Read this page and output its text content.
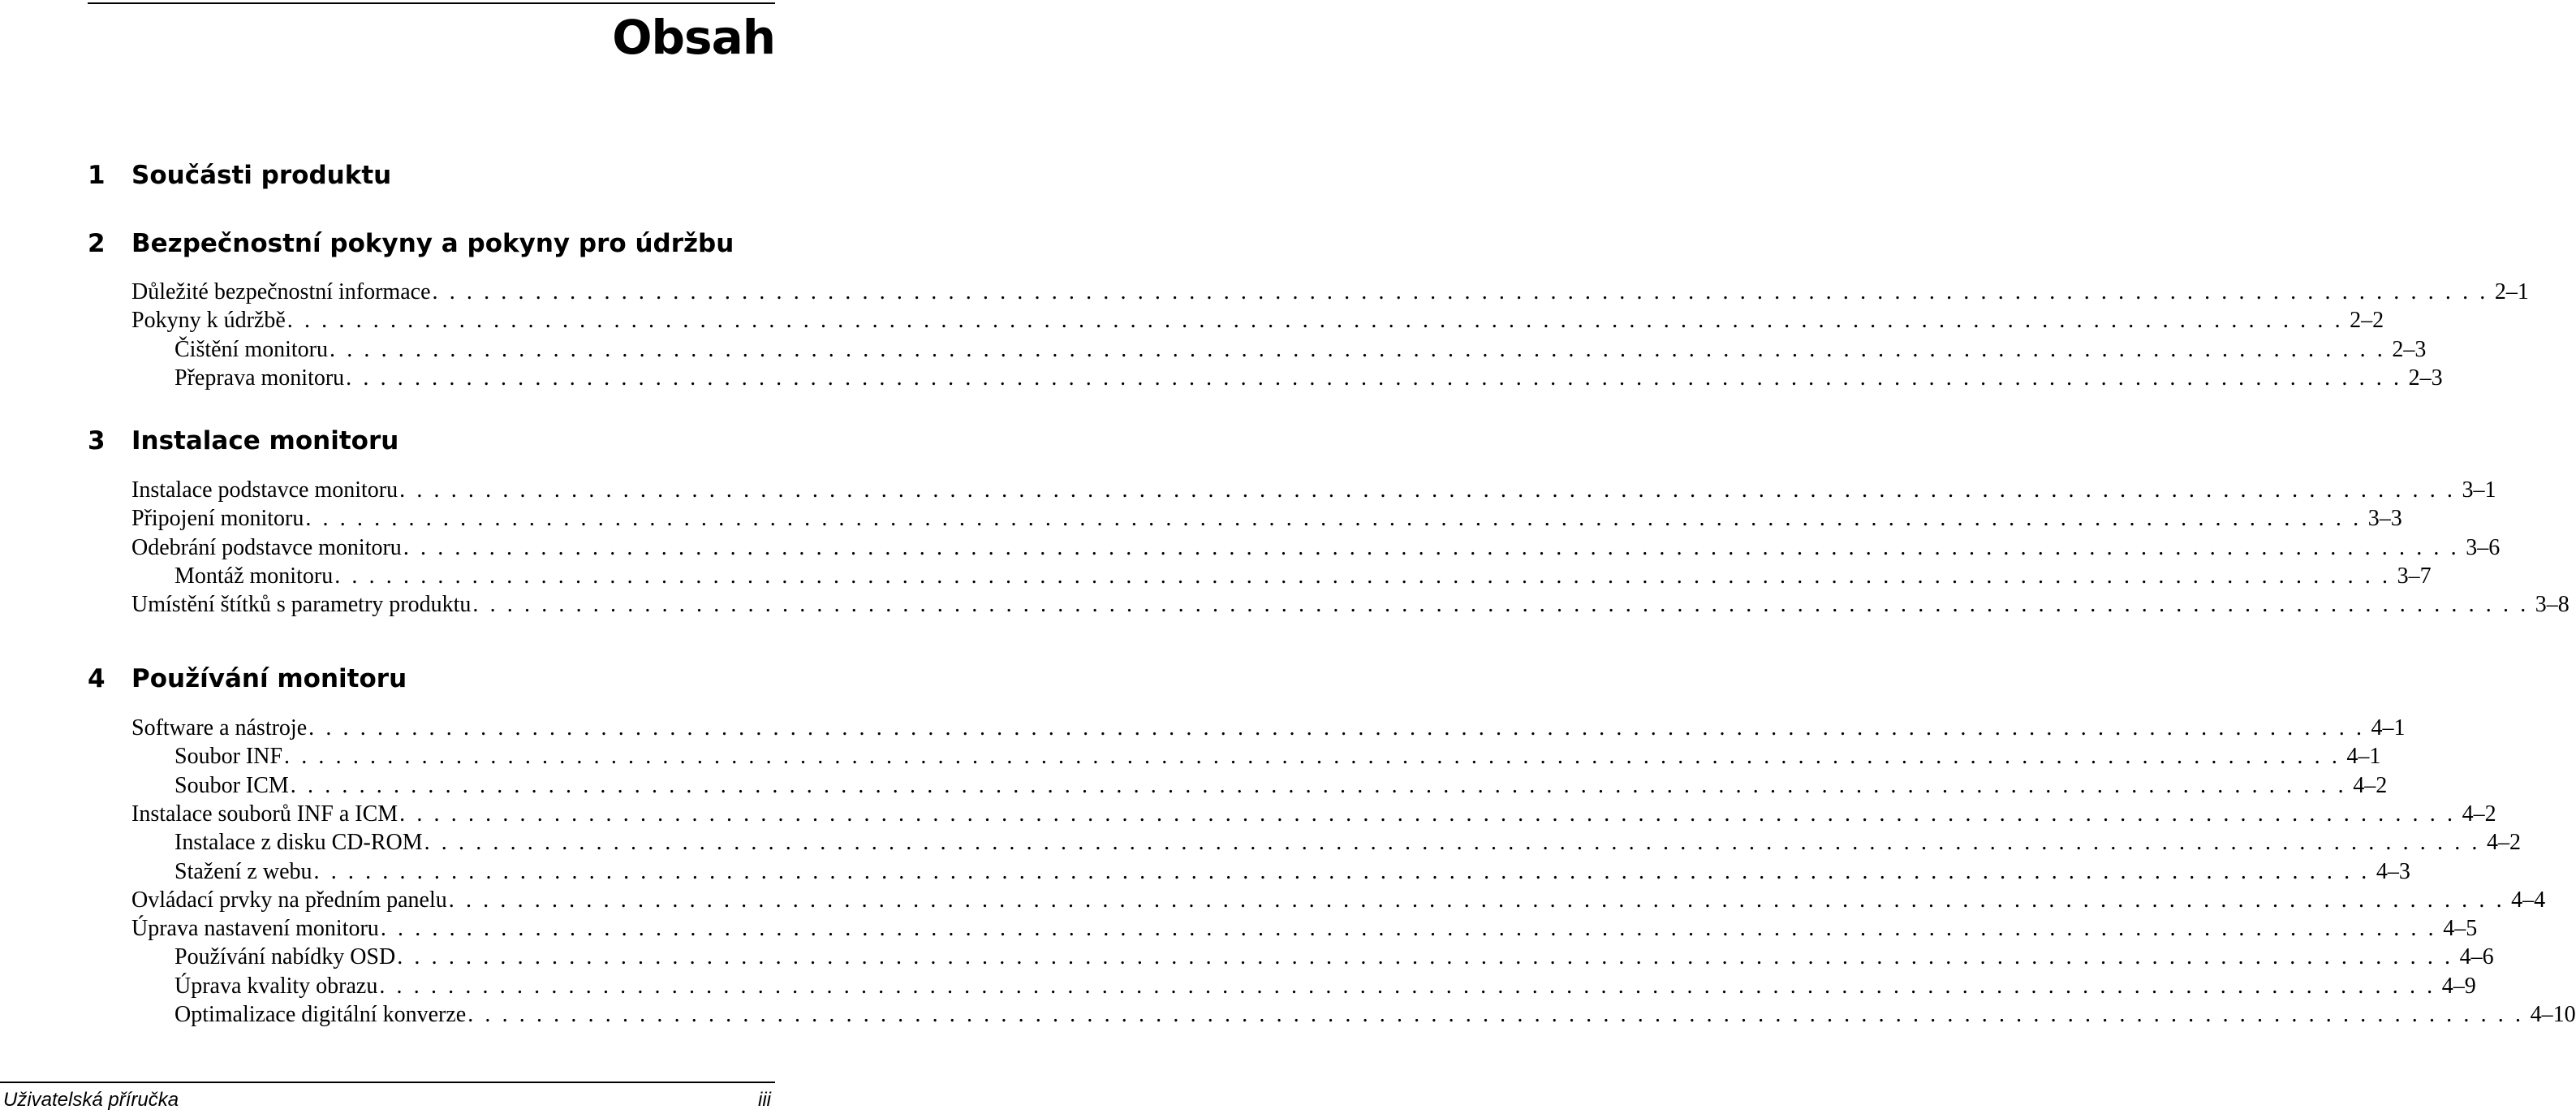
Obsah
1 Součásti produktu
2 Bezpečnostní pokyny a pokyny pro údržbu
Důležité bezpečnostní informace . . . . . . . . . . . . . . . . . . . . . . . . . . . . . . . . . . . . . . . . . . . . . . . . . . . . . . . . . . . . . . . . . . . . . . . . . . . . . . . . . . . . . . . . . . . . . . . . . . . . . . . . . . . . . . . . . . . . . . . . 2–1
Pokyny k údržbě . . . . . . . . . . . . . . . . . . . . . . . . . . . . . . . . . . . . . . . . . . . . . . . . . . . . . . . . . . . . . . . . . . . . . . . . . . . . . . . . . . . . . . . . . . . . . . . . . . . . . . . . . . . . . . . . . . . . . . . . 2–2
Čištění monitoru . . . . . . . . . . . . . . . . . . . . . . . . . . . . . . . . . . . . . . . . . . . . . . . . . . . . . . . . . . . . . . . . . . . . . . . . . . . . . . . . . . . . . . . . . . . . . . . . . . . . . . . . . . . . . . . . . . . . . . . . 2–3
Přeprava monitoru . . . . . . . . . . . . . . . . . . . . . . . . . . . . . . . . . . . . . . . . . . . . . . . . . . . . . . . . . . . . . . . . . . . . . . . . . . . . . . . . . . . . . . . . . . . . . . . . . . . . . . . . . . . . . . . . . . . . . . . . 2–3
3 Instalace monitoru
Instalace podstavce monitoru . . . . . . . . . . . . . . . . . . . . . . . . . . . . . . . . . . . . . . . . . . . . . . . . . . . . . . . . . . . . . . . . . . . . . . . . . . . . . . . . . . . . . . . . . . . . . . . . . . . . . . . . . . . . . . . . . . . . . . . . 3–1
Připojení monitoru . . . . . . . . . . . . . . . . . . . . . . . . . . . . . . . . . . . . . . . . . . . . . . . . . . . . . . . . . . . . . . . . . . . . . . . . . . . . . . . . . . . . . . . . . . . . . . . . . . . . . . . . . . . . . . . . . . . . . . . . 3–3
Odebrání podstavce monitoru . . . . . . . . . . . . . . . . . . . . . . . . . . . . . . . . . . . . . . . . . . . . . . . . . . . . . . . . . . . . . . . . . . . . . . . . . . . . . . . . . . . . . . . . . . . . . . . . . . . . . . . . . . . . . . . . . . . . . . . . 3–6
Montáž monitoru . . . . . . . . . . . . . . . . . . . . . . . . . . . . . . . . . . . . . . . . . . . . . . . . . . . . . . . . . . . . . . . . . . . . . . . . . . . . . . . . . . . . . . . . . . . . . . . . . . . . . . . . . . . . . . . . . . . . . . . . 3–7
Umístění štítků s parametry produktu . . . . . . . . . . . . . . . . . . . . . . . . . . . . . . . . . . . . . . . . . . . . . . . . . . . . . . . . . . . . . . . . . . . . . . . . . . . . . . . . . . . . . . . . . . . . . . . . . . . . . . . . . . . . . . . . . . . . . . . . 3–8
4 Používání monitoru
Software a nástroje . . . . . . . . . . . . . . . . . . . . . . . . . . . . . . . . . . . . . . . . . . . . . . . . . . . . . . . . . . . . . . . . . . . . . . . . . . . . . . . . . . . . . . . . . . . . . . . . . . . . . . . . . . . . . . . . . . . . . . . . 4–1
Soubor INF . . . . . . . . . . . . . . . . . . . . . . . . . . . . . . . . . . . . . . . . . . . . . . . . . . . . . . . . . . . . . . . . . . . . . . . . . . . . . . . . . . . . . . . . . . . . . . . . . . . . . . . . . . . . . . . . . . . . . . . . 4–1
Soubor ICM . . . . . . . . . . . . . . . . . . . . . . . . . . . . . . . . . . . . . . . . . . . . . . . . . . . . . . . . . . . . . . . . . . . . . . . . . . . . . . . . . . . . . . . . . . . . . . . . . . . . . . . . . . . . . . . . . . . . . . . . 4–2
Instalace souborů INF a ICM . . . . . . . . . . . . . . . . . . . . . . . . . . . . . . . . . . . . . . . . . . . . . . . . . . . . . . . . . . . . . . . . . . . . . . . . . . . . . . . . . . . . . . . . . . . . . . . . . . . . . . . . . . . . . . . . . . . . . . . . 4–2
Instalace z disku CD-ROM . . . . . . . . . . . . . . . . . . . . . . . . . . . . . . . . . . . . . . . . . . . . . . . . . . . . . . . . . . . . . . . . . . . . . . . . . . . . . . . . . . . . . . . . . . . . . . . . . . . . . . . . . . . . . . . . . . . . . . . . 4–2
Stažení z webu . . . . . . . . . . . . . . . . . . . . . . . . . . . . . . . . . . . . . . . . . . . . . . . . . . . . . . . . . . . . . . . . . . . . . . . . . . . . . . . . . . . . . . . . . . . . . . . . . . . . . . . . . . . . . . . . . . . . . . . . 4–3
Ovládací prvky na předním panelu . . . . . . . . . . . . . . . . . . . . . . . . . . . . . . . . . . . . . . . . . . . . . . . . . . . . . . . . . . . . . . . . . . . . . . . . . . . . . . . . . . . . . . . . . . . . . . . . . . . . . . . . . . . . . . . . . . . . . . . . 4–4
Úprava nastavení monitoru . . . . . . . . . . . . . . . . . . . . . . . . . . . . . . . . . . . . . . . . . . . . . . . . . . . . . . . . . . . . . . . . . . . . . . . . . . . . . . . . . . . . . . . . . . . . . . . . . . . . . . . . . . . . . . . . . . . . . . . . 4–5
Používání nabídky OSD . . . . . . . . . . . . . . . . . . . . . . . . . . . . . . . . . . . . . . . . . . . . . . . . . . . . . . . . . . . . . . . . . . . . . . . . . . . . . . . . . . . . . . . . . . . . . . . . . . . . . . . . . . . . . . . . . . . . . . . . 4–6
Úprava kvality obrazu . . . . . . . . . . . . . . . . . . . . . . . . . . . . . . . . . . . . . . . . . . . . . . . . . . . . . . . . . . . . . . . . . . . . . . . . . . . . . . . . . . . . . . . . . . . . . . . . . . . . . . . . . . . . . . . . . . . . . . . . 4–9
Optimalizace digitální konverze . . . . . . . . . . . . . . . . . . . . . . . . . . . . . . . . . . . . . . . . . . . . . . . . . . . . . . . . . . . . . . . . . . . . . . . . . . . . . . . . . . . . . . . . . . . . . . . . . . . . . . . . . . . . . . . . . . . . . . . . 4–10
Uživatelská příručka	iii
